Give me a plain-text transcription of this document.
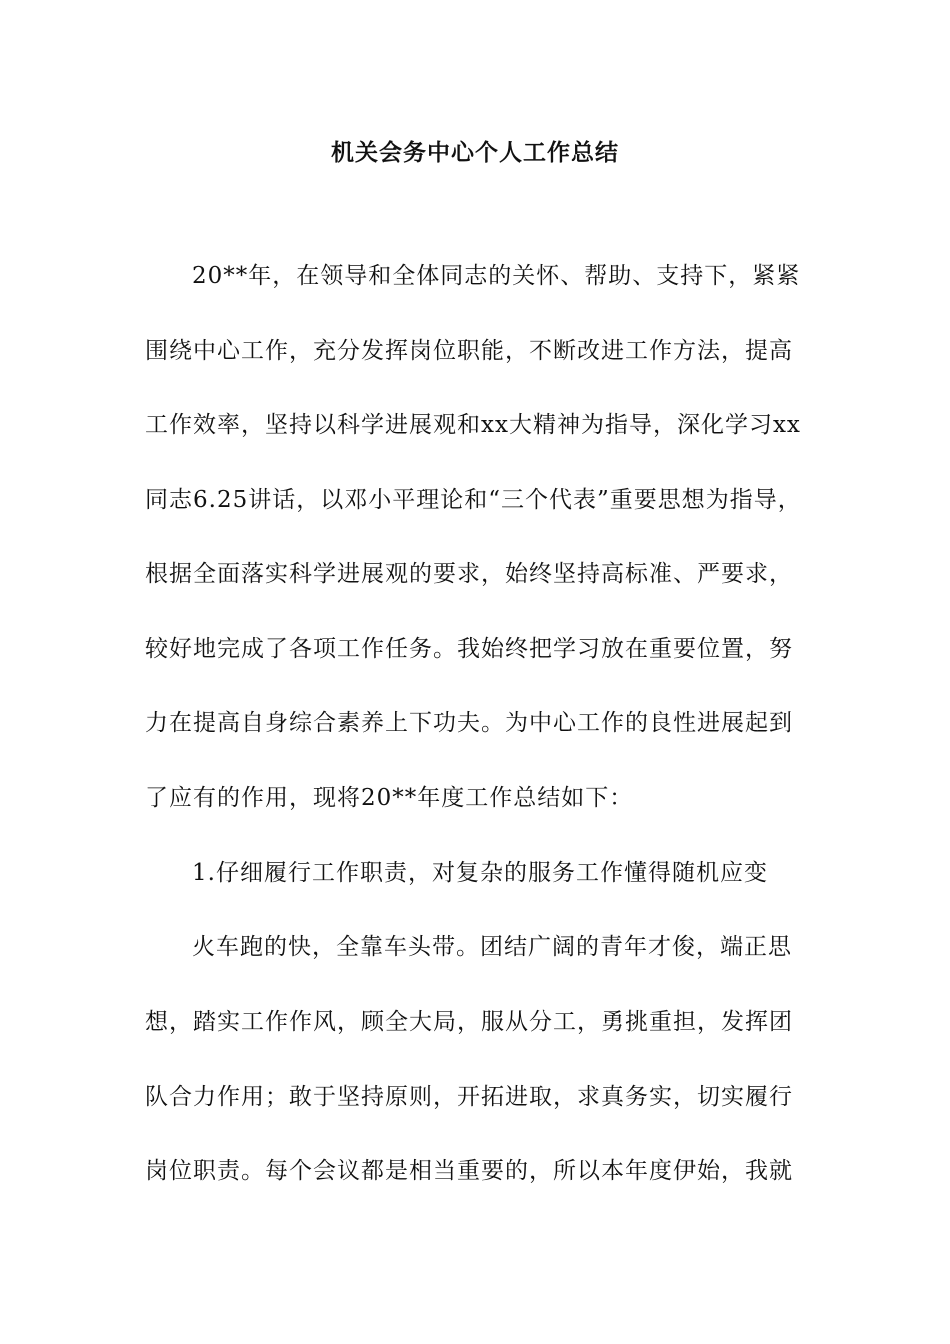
机关会务中心个人工作总结

20**年，在领导和全体同志的关怀、帮助、支持下，紧紧

围绕中心工作，充分发挥岗位职能，不断改进工作方法，提高

工作效率，坚持以科学进展观和xx大精神为指导，深化学习xx

同志6.25讲话，以邓小平理论和“三个代表”重要思想为指导，

根据全面落实科学进展观的要求，始终坚持高标准、严要求，

较好地完成了各项工作任务。我始终把学习放在重要位置，努

力在提高自身综合素养上下功夫。为中心工作的良性进展起到

了应有的作用，现将20**年度工作总结如下：

1.仔细履行工作职责，对复杂的服务工作懂得随机应变

火车跑的快，全靠车头带。团结广阔的青年才俊，端正思

想，踏实工作作风，顾全大局，服从分工，勇挑重担，发挥团

队合力作用；敢于坚持原则，开拓进取，求真务实，切实履行

岗位职责。每个会议都是相当重要的，所以本年度伊始，我就
